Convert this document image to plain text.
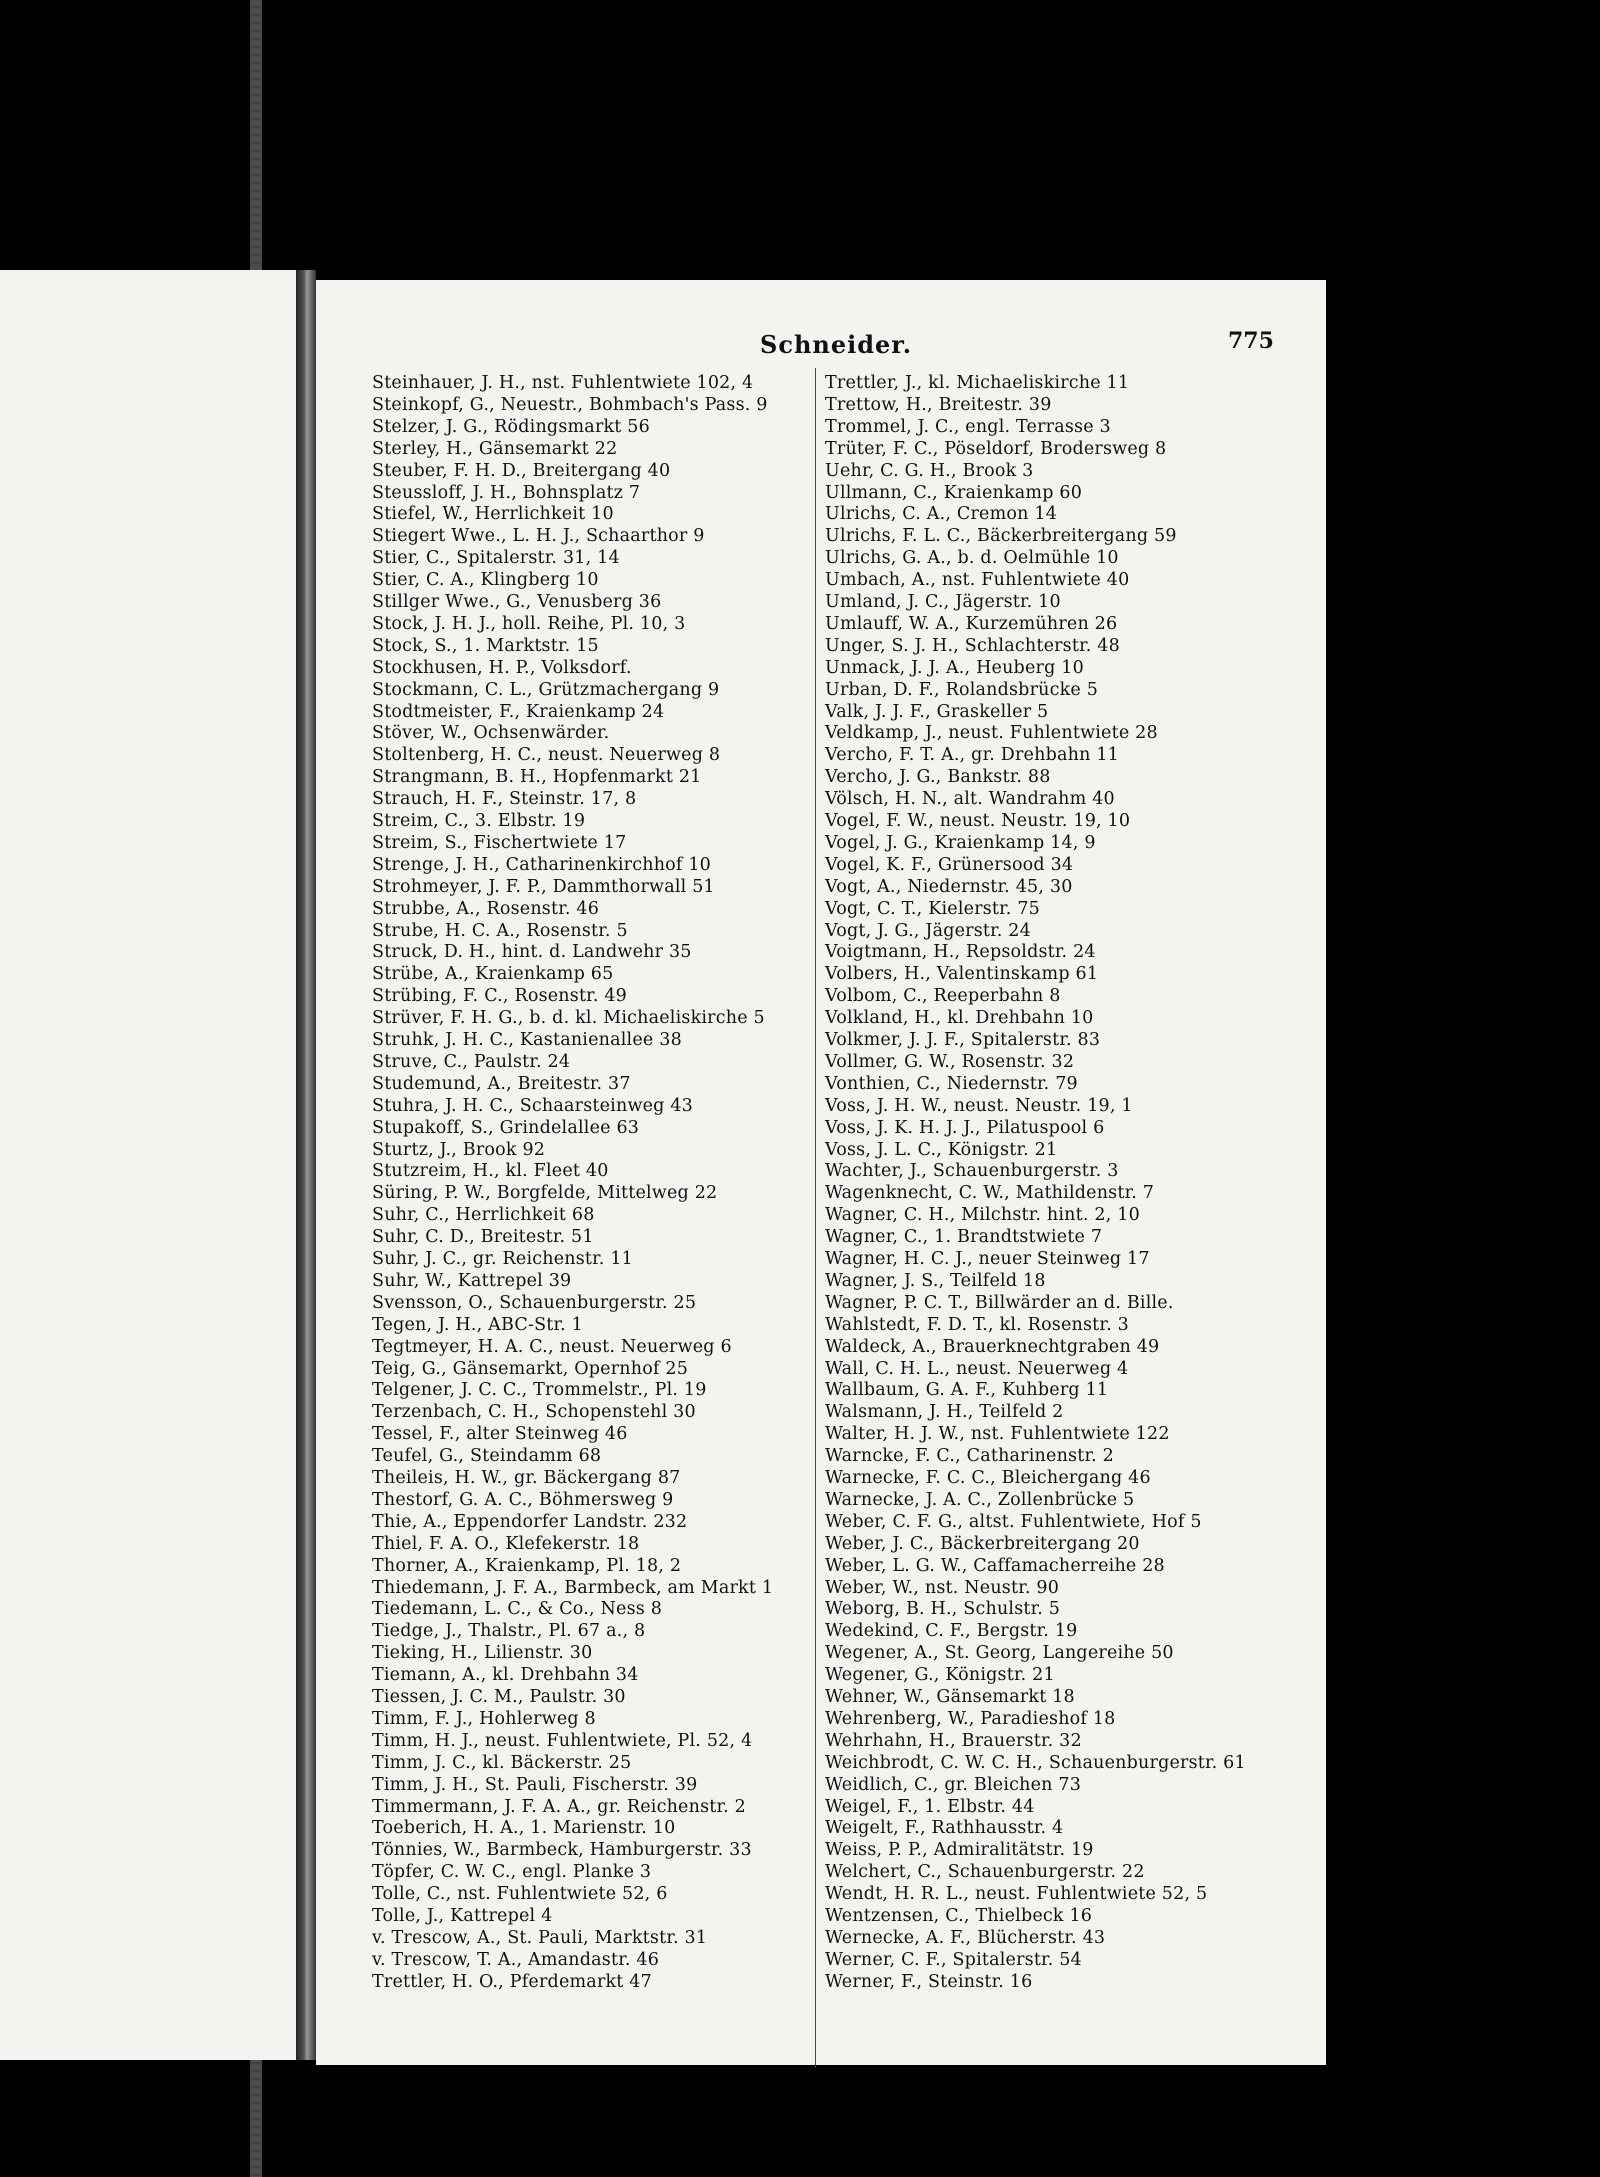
Schneider.	775
Steinhauer, J. H., nst. Fuhlentwiete 102, 4
Steinkopf, G., Neuestr., Bohmbach's Pass. 9
Stelzer, J. G., Rödingsmarkt 56
Sterley, H., Gänsemarkt 22
Steuber, F. H. D., Breitergang 40
Steussloff, J. H., Bohnsplatz 7
Stiefel, W., Herrlichkeit 10
Stiegert Wwe., L. H. J., Schaarthor 9
Stier, C., Spitalerstr. 31, 14
Stier, C. A., Klingberg 10
Stillger Wwe., G., Venusberg 36
Stock, J. H. J., holl. Reihe, Pl. 10, 3
Stock, S., 1. Marktstr. 15
Stockhusen, H. P., Volksdorf.
Stockmann, C. L., Grützmachergang 9
Stodtmeister, F., Kraienkamp 24
Stöver, W., Ochsenwärder.
Stoltenberg, H. C., neust. Neuerweg 8
Strangmann, B. H., Hopfenmarkt 21
Strauch, H. F., Steinstr. 17, 8
Streim, C., 3. Elbstr. 19
Streim, S., Fischertwiete 17
Strenge, J. H., Catharinenkirchhof 10
Strohmeyer, J. F. P., Dammthorwall 51
Strubbe, A., Rosenstr. 46
Strube, H. C. A., Rosenstr. 5
Struck, D. H., hint. d. Landwehr 35
Strübe, A., Kraienkamp 65
Strübing, F. C., Rosenstr. 49
Strüver, F. H. G., b. d. kl. Michaeliskirche 5
Struhk, J. H. C., Kastanienallee 38
Struve, C., Paulstr. 24
Studemund, A., Breitestr. 37
Stuhra, J. H. C., Schaarsteinweg 43
Stupakoff, S., Grindelallee 63
Sturtz, J., Brook 92
Stutzreim, H., kl. Fleet 40
Süring, P. W., Borgfelde, Mittelweg 22
Suhr, C., Herrlichkeit 68
Suhr, C. D., Breitestr. 51
Suhr, J. C., gr. Reichenstr. 11
Suhr, W., Kattrepel 39
Svensson, O., Schauenburgerstr. 25
Tegen, J. H., ABC-Str. 1
Tegtmeyer, H. A. C., neust. Neuerweg 6
Teig, G., Gänsemarkt, Opernhof 25
Telgener, J. C. C., Trommelstr., Pl. 19
Terzenbach, C. H., Schopenstehl 30
Tessel, F., alter Steinweg 46
Teufel, G., Steindamm 68
Theileis, H. W., gr. Bäckergang 87
Thestorf, G. A. C., Böhmersweg 9
Thie, A., Eppendorfer Landstr. 232
Thiel, F. A. O., Klefekerstr. 18
Thorner, A., Kraienkamp, Pl. 18, 2
Thiedemann, J. F. A., Barmbeck, am Markt 1
Tiedemann, L. C., & Co., Ness 8
Tiedge, J., Thalstr., Pl. 67 a., 8
Tieking, H., Lilienstr. 30
Tiemann, A., kl. Drehbahn 34
Tiessen, J. C. M., Paulstr. 30
Timm, F. J., Hohlerweg 8
Timm, H. J., neust. Fuhlentwiete, Pl. 52, 4
Timm, J. C., kl. Bäckerstr. 25
Timm, J. H., St. Pauli, Fischerstr. 39
Timmermann, J. F. A. A., gr. Reichenstr. 2
Toeberich, H. A., 1. Marienstr. 10
Tönnies, W., Barmbeck, Hamburgerstr. 33
Töpfer, C. W. C., engl. Planke 3
Tolle, C., nst. Fuhlentwiete 52, 6
Tolle, J., Kattrepel 4
v. Trescow, A., St. Pauli, Marktstr. 31
v. Trescow, T. A., Amandastr. 46
Trettler, H. O., Pferdemarkt 47
Trettler, J., kl. Michaeliskirche 11
Trettow, H., Breitestr. 39
Trommel, J. C., engl. Terrasse 3
Trüter, F. C., Pöseldorf, Brodersweg 8
Uehr, C. G. H., Brook 3
Ullmann, C., Kraienkamp 60
Ulrichs, C. A., Cremon 14
Ulrichs, F. L. C., Bäckerbreitergang 59
Ulrichs, G. A., b. d. Oelmühle 10
Umbach, A., nst. Fuhlentwiete 40
Umland, J. C., Jägerstr. 10
Umlauff, W. A., Kurzemühren 26
Unger, S. J. H., Schlachterstr. 48
Unmack, J. J. A., Heuberg 10
Urban, D. F., Rolandsbrücke 5
Valk, J. J. F., Graskeller 5
Veldkamp, J., neust. Fuhlentwiete 28
Vercho, F. T. A., gr. Drehbahn 11
Vercho, J. G., Bankstr. 88
Völsch, H. N., alt. Wandrahm 40
Vogel, F. W., neust. Neustr. 19, 10
Vogel, J. G., Kraienkamp 14, 9
Vogel, K. F., Grünersood 34
Vogt, A., Niedernstr. 45, 30
Vogt, C. T., Kielerstr. 75
Vogt, J. G., Jägerstr. 24
Voigtmann, H., Repsoldstr. 24
Volbers, H., Valentinskamp 61
Volbom, C., Reeperbahn 8
Volkland, H., kl. Drehbahn 10
Volkmer, J. J. F., Spitalerstr. 83
Vollmer, G. W., Rosenstr. 32
Vonthien, C., Niedernstr. 79
Voss, J. H. W., neust. Neustr. 19, 1
Voss, J. K. H. J. J., Pilatuspool 6
Voss, J. L. C., Königstr. 21
Wachter, J., Schauenburgerstr. 3
Wagenknecht, C. W., Mathildenstr. 7
Wagner, C. H., Milchstr. hint. 2, 10
Wagner, C., 1. Brandtstwiete 7
Wagner, H. C. J., neuer Steinweg 17
Wagner, J. S., Teilfeld 18
Wagner, P. C. T., Billwärder an d. Bille.
Wahlstedt, F. D. T., kl. Rosenstr. 3
Waldeck, A., Brauerknechtgraben 49
Wall, C. H. L., neust. Neuerweg 4
Wallbaum, G. A. F., Kuhberg 11
Walsmann, J. H., Teilfeld 2
Walter, H. J. W., nst. Fuhlentwiete 122
Warncke, F. C., Catharinenstr. 2
Warnecke, F. C. C., Bleichergang 46
Warnecke, J. A. C., Zollenbrücke 5
Weber, C. F. G., altst. Fuhlentwiete, Hof 5
Weber, J. C., Bäckerbreitergang 20
Weber, L. G. W., Caffamacherreihe 28
Weber, W., nst. Neustr. 90
Weborg, B. H., Schulstr. 5
Wedekind, C. F., Bergstr. 19
Wegener, A., St. Georg, Langereihe 50
Wegener, G., Königstr. 21
Wehner, W., Gänsemarkt 18
Wehrenberg, W., Paradieshof 18
Wehrhahn, H., Brauerstr. 32
Weichbrodt, C. W. C. H., Schauenburgerstr. 61
Weidlich, C., gr. Bleichen 73
Weigel, F., 1. Elbstr. 44
Weigelt, F., Rathhausstr. 4
Weiss, P. P., Admiralitätstr. 19
Welchert, C., Schauenburgerstr. 22
Wendt, H. R. L., neust. Fuhlentwiete 52, 5
Wentzensen, C., Thielbeck 16
Wernecke, A. F., Blücherstr. 43
Werner, C. F., Spitalerstr. 54
Werner, F., Steinstr. 16
